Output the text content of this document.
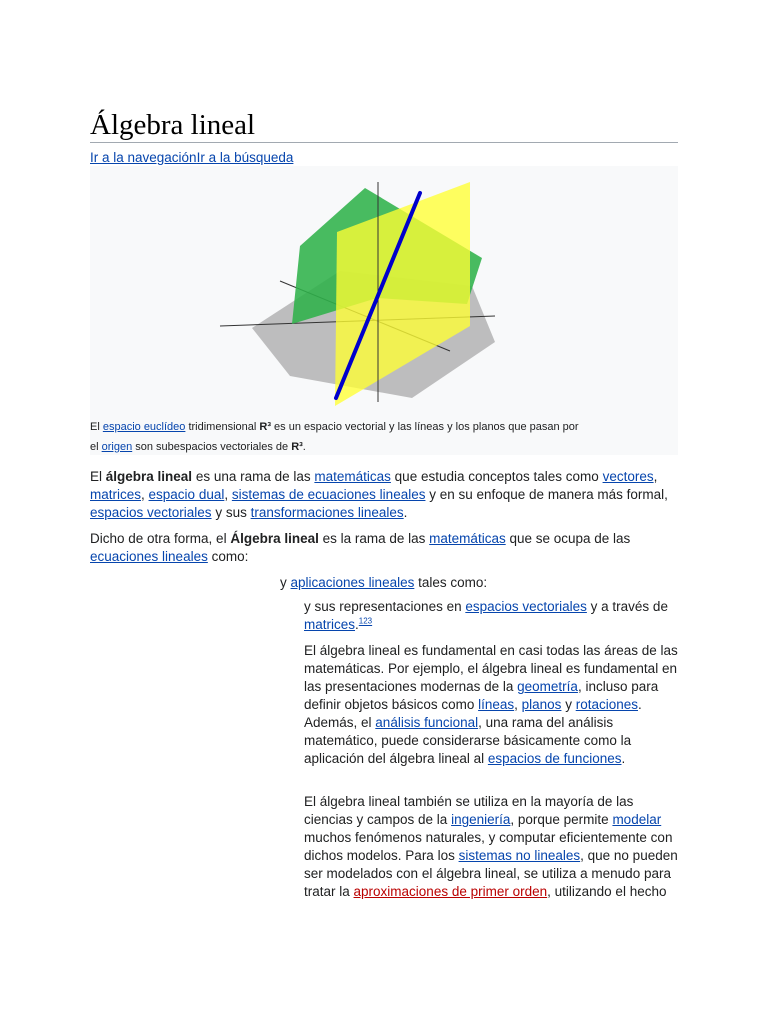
Álgebra lineal
Ir a la navegaciónIr a la búsqueda
El espacio euclídeo tridimensional R³ es un espacio vectorial y las líneas y los planos que pasan por
el origen son subespacios vectoriales de R³.
El álgebra lineal es una rama de las matemáticas que estudia conceptos tales como vectores, matrices, espacio dual, sistemas de ecuaciones lineales y en su enfoque de manera más formal, espacios vectoriales y sus transformaciones lineales.
Dicho de otra forma, el Álgebra lineal es la rama de las matemáticas que se ocupa de las ecuaciones lineales como:
y aplicaciones lineales tales como:
y sus representaciones en espacios vectoriales y a través de matrices.$^{123}$
El álgebra lineal es fundamental en casi todas las áreas de las matemáticas. Por ejemplo, el álgebra lineal es fundamental en las presentaciones modernas de la geometría, incluso para definir objetos básicos como líneas, planos y rotaciones. Además, el análisis funcional, una rama del análisis matemático, puede considerarse básicamente como la aplicación del álgebra lineal al espacios de funciones.
El álgebra lineal también se utiliza en la mayoría de las ciencias y campos de la ingeniería, porque permite modelar muchos fenómenos naturales, y computar eficientemente con dichos modelos. Para los sistemas no lineales, que no pueden ser modelados con el álgebra lineal, se utiliza a menudo para tratar la aproximaciones de primer orden, utilizando el hecho
